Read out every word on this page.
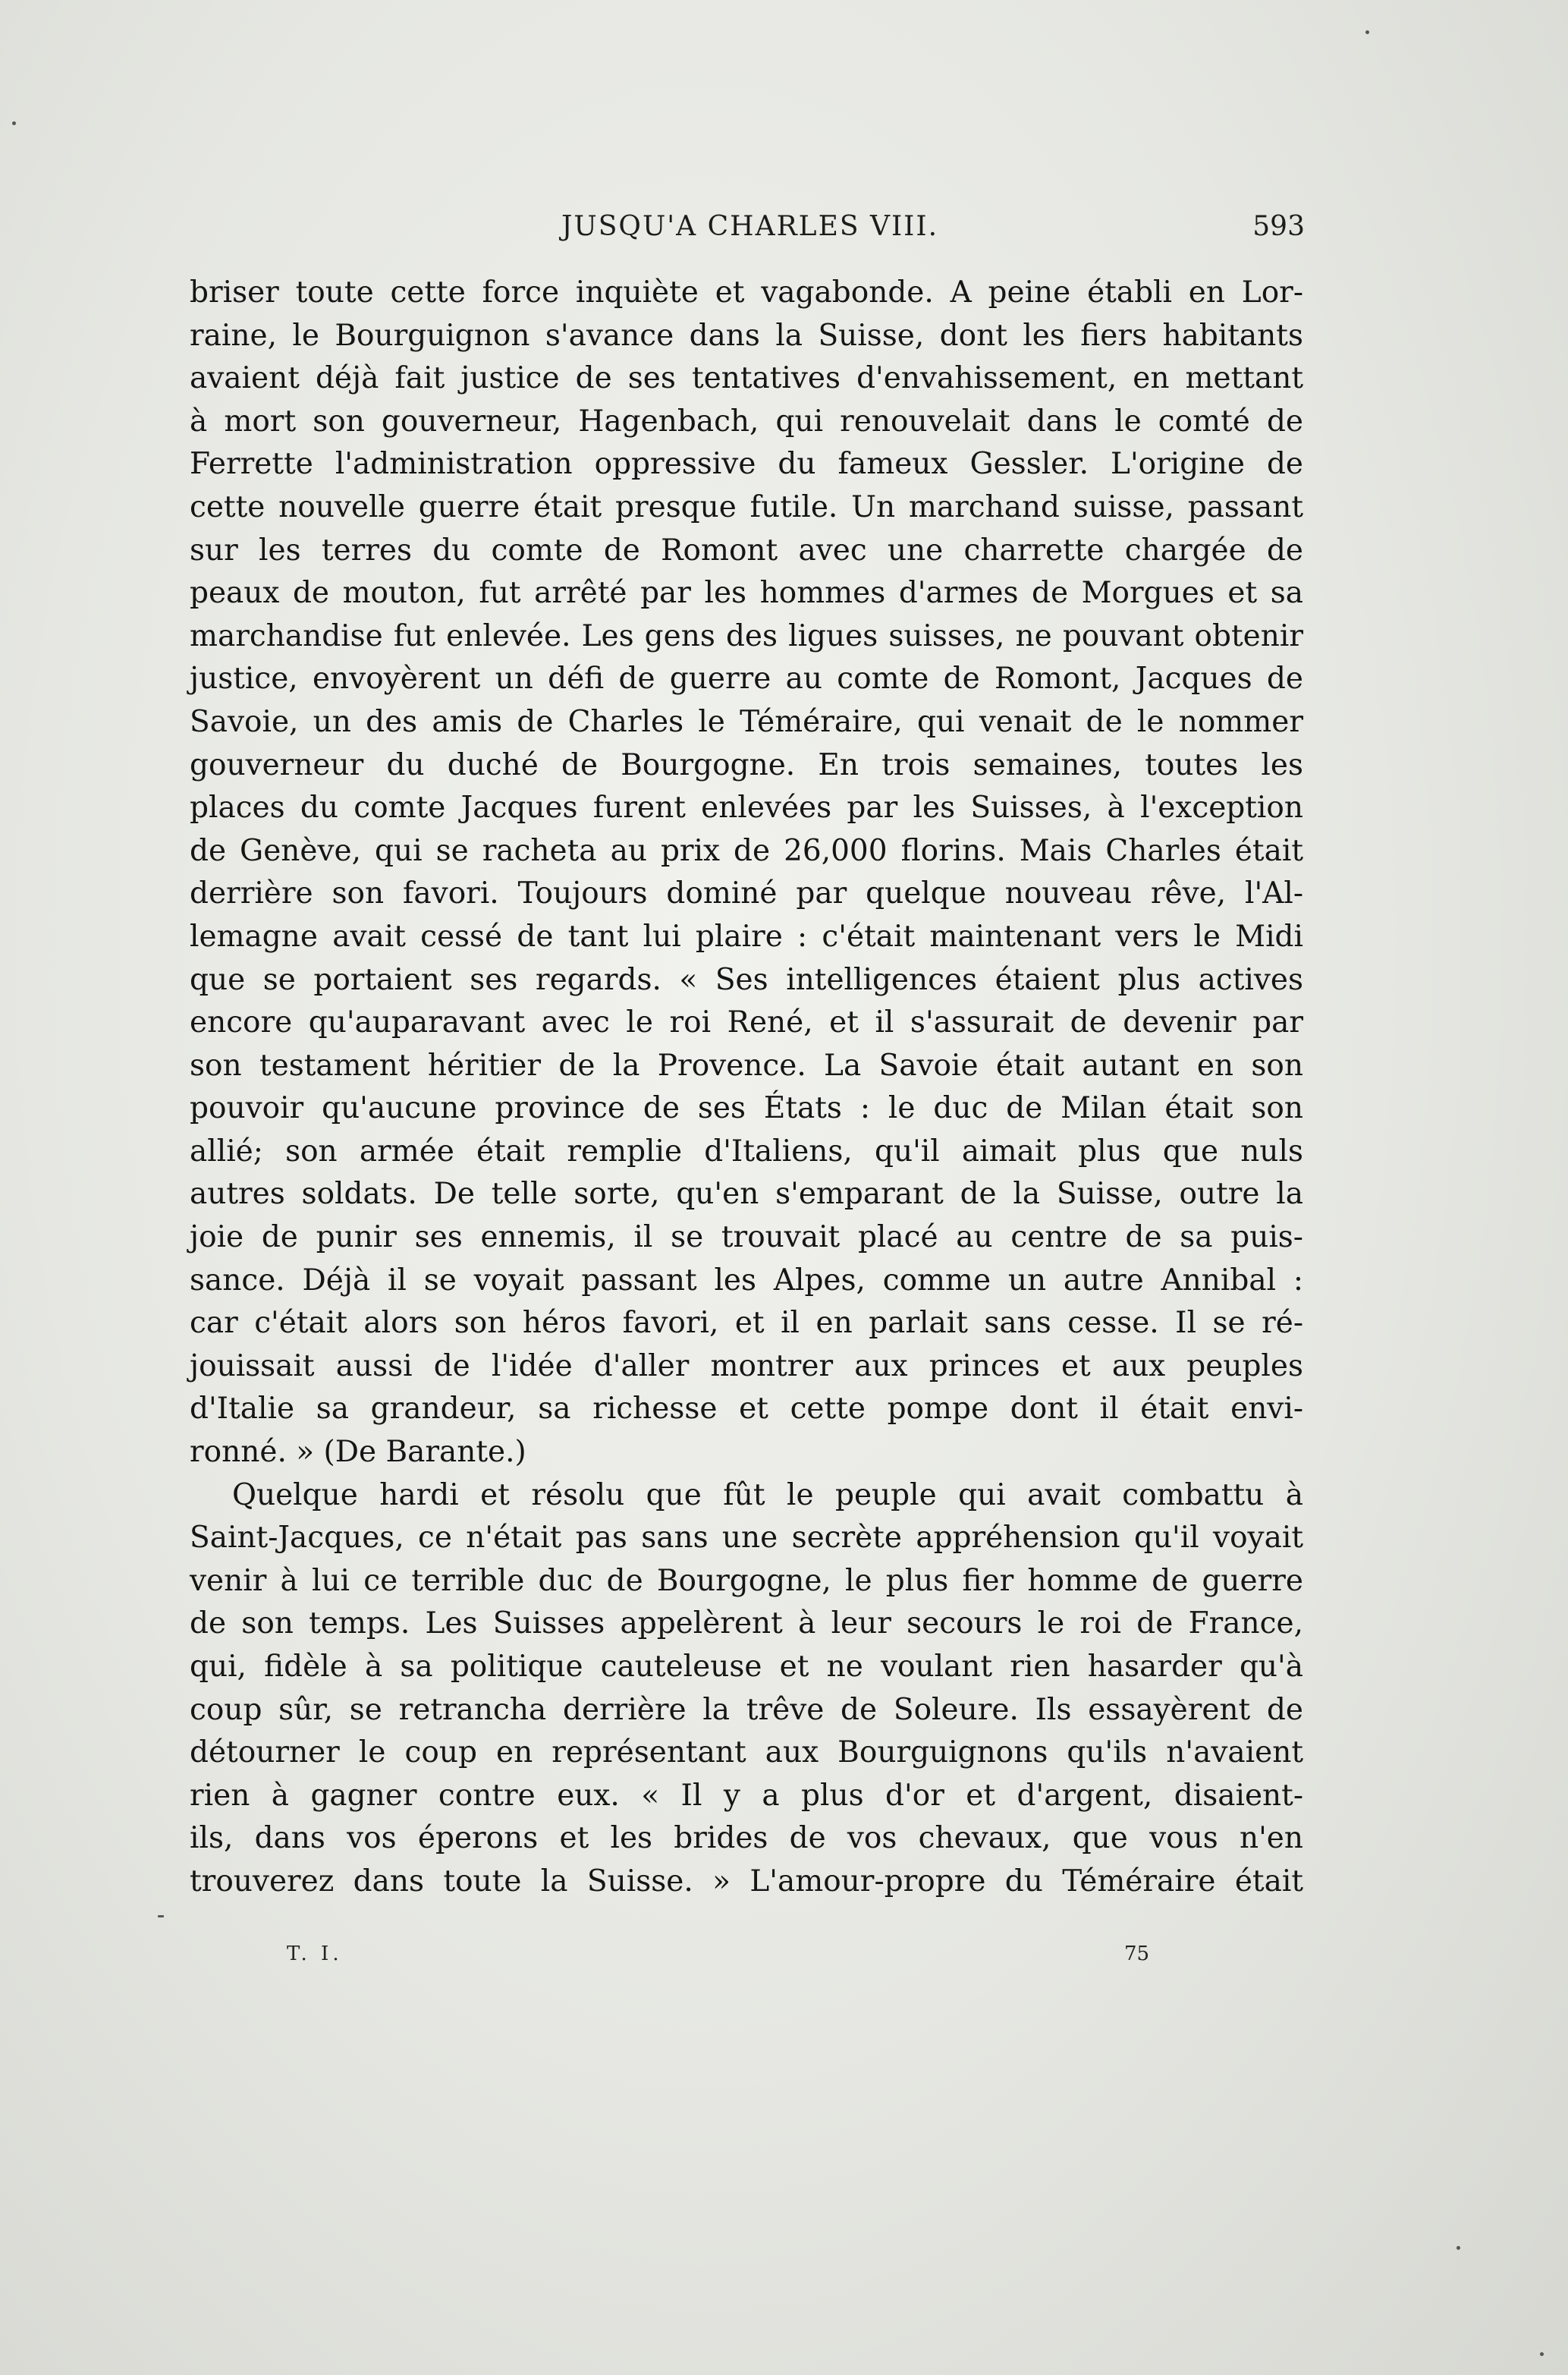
JUSQU'A CHARLES VIII.	593
briser toute cette force inquiète et vagabonde. A peine établi en Lor-
raine, le Bourguignon s'avance dans la Suisse, dont les fiers habitants
avaient déjà fait justice de ses tentatives d'envahissement, en mettant
à mort son gouverneur, Hagenbach, qui renouvelait dans le comté de
Ferrette l'administration oppressive du fameux Gessler. L'origine de
cette nouvelle guerre était presque futile. Un marchand suisse, passant
sur les terres du comte de Romont avec une charrette chargée de
peaux de mouton, fut arrêté par les hommes d'armes de Morgues et sa
marchandise fut enlevée. Les gens des ligues suisses, ne pouvant obtenir
justice, envoyèrent un défi de guerre au comte de Romont, Jacques de
Savoie, un des amis de Charles le Téméraire, qui venait de le nommer
gouverneur du duché de Bourgogne. En trois semaines, toutes les
places du comte Jacques furent enlevées par les Suisses, à l'exception
de Genève, qui se racheta au prix de 26,000 florins. Mais Charles était
derrière son favori. Toujours dominé par quelque nouveau rêve, l'Al-
lemagne avait cessé de tant lui plaire : c'était maintenant vers le Midi
que se portaient ses regards. « Ses intelligences étaient plus actives
encore qu'auparavant avec le roi René, et il s'assurait de devenir par
son testament héritier de la Provence. La Savoie était autant en son
pouvoir qu'aucune province de ses États : le duc de Milan était son
allié; son armée était remplie d'Italiens, qu'il aimait plus que nuls
autres soldats. De telle sorte, qu'en s'emparant de la Suisse, outre la
joie de punir ses ennemis, il se trouvait placé au centre de sa puis-
sance. Déjà il se voyait passant les Alpes, comme un autre Annibal :
car c'était alors son héros favori, et il en parlait sans cesse. Il se ré-
jouissait aussi de l'idée d'aller montrer aux princes et aux peuples
d'Italie sa grandeur, sa richesse et cette pompe dont il était envi-
ronné. » (De Barante.)
Quelque hardi et résolu que fût le peuple qui avait combattu à
Saint-Jacques, ce n'était pas sans une secrète appréhension qu'il voyait
venir à lui ce terrible duc de Bourgogne, le plus fier homme de guerre
de son temps. Les Suisses appelèrent à leur secours le roi de France,
qui, fidèle à sa politique cauteleuse et ne voulant rien hasarder qu'à
coup sûr, se retrancha derrière la trêve de Soleure. Ils essayèrent de
détourner le coup en représentant aux Bourguignons qu'ils n'avaient
rien à gagner contre eux. « Il y a plus d'or et d'argent, disaient-
ils, dans vos éperons et les brides de vos chevaux, que vous n'en
trouverez dans toute la Suisse. » L'amour-propre du Téméraire était
T. I.	75
